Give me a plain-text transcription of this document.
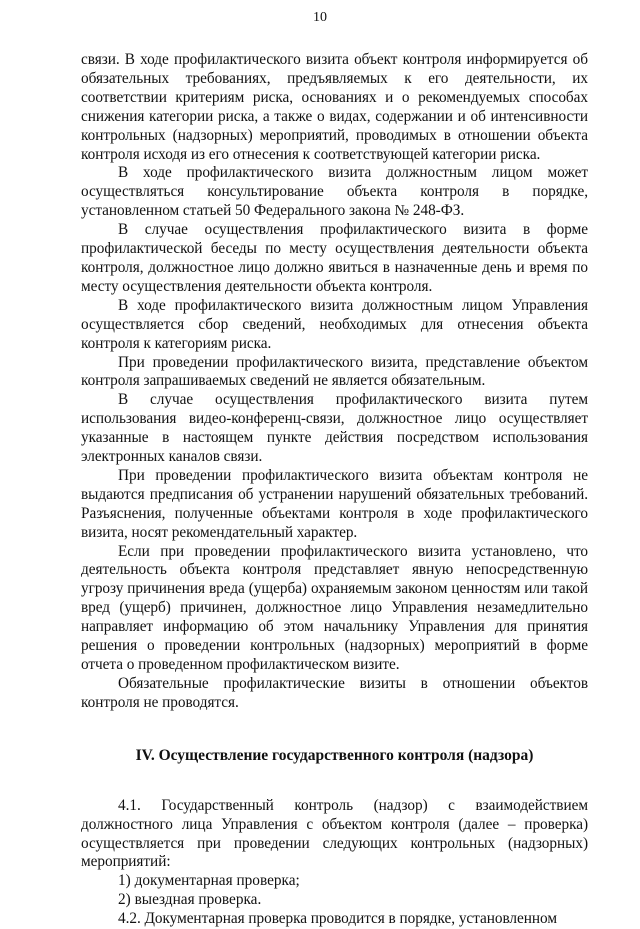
10

связи. В ходе профилактического визита объект контроля информируется об обязательных требованиях, предъявляемых к его деятельности, их соответствии критериям риска, основаниях и о рекомендуемых способах снижения категории риска, а также о видах, содержании и об интенсивности контрольных (надзорных) мероприятий, проводимых в отношении объекта контроля исходя из его отнесения к соответствующей категории риска.

В ходе профилактического визита должностным лицом может осуществляться консультирование объекта контроля в порядке, установленном статьей 50 Федерального закона № 248-ФЗ.

В случае осуществления профилактического визита в форме профилактической беседы по месту осуществления деятельности объекта контроля, должностное лицо должно явиться в назначенные день и время по месту осуществления деятельности объекта контроля.

В ходе профилактического визита должностным лицом Управления осуществляется сбор сведений, необходимых для отнесения объекта контроля к категориям риска.

При проведении профилактического визита, представление объектом контроля запрашиваемых сведений не является обязательным.

В случае осуществления профилактического визита путем использования видео-конференц-связи, должностное лицо осуществляет указанные в настоящем пункте действия посредством использования электронных каналов связи.

При проведении профилактического визита объектам контроля не выдаются предписания об устранении нарушений обязательных требований. Разъяснения, полученные объектами контроля в ходе профилактического визита, носят рекомендательный характер.

Если при проведении профилактического визита установлено, что деятельность объекта контроля представляет явную непосредственную угрозу причинения вреда (ущерба) охраняемым законом ценностям или такой вред (ущерб) причинен, должностное лицо Управления незамедлительно направляет информацию об этом начальнику Управления для принятия решения о проведении контрольных (надзорных) мероприятий в форме отчета о проведенном профилактическом визите.

Обязательные профилактические визиты в отношении объектов контроля не проводятся.

IV. Осуществление государственного контроля (надзора)

4.1. Государственный контроль (надзор) с взаимодействием должностного лица Управления с объектом контроля (далее – проверка) осуществляется при проведении следующих контрольных (надзорных) мероприятий:

1) документарная проверка;

2) выездная проверка.

4.2. Документарная проверка проводится в порядке, установленном
